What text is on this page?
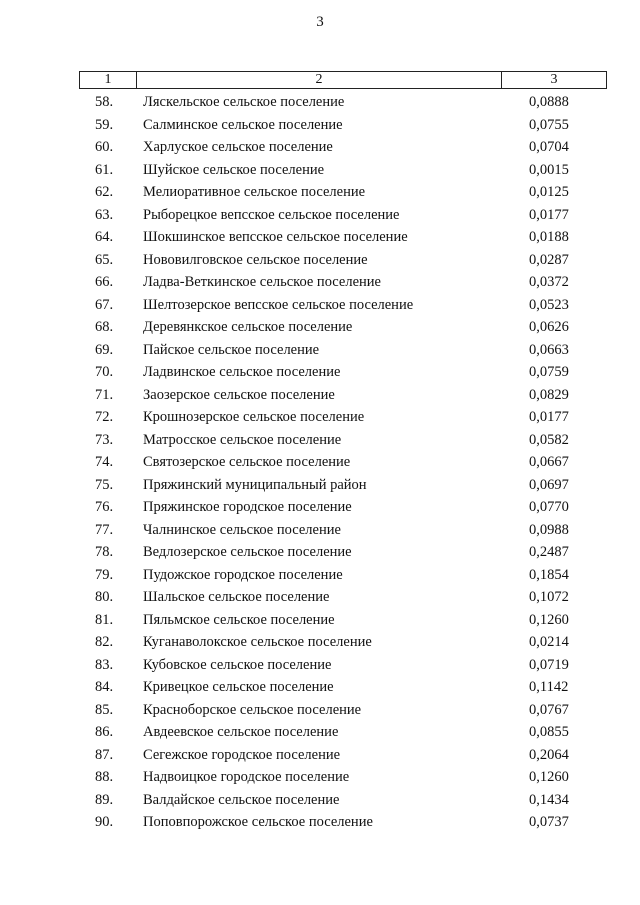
3
1	2	3
58.	Ляскельское сельское поселение	0,0888
59.	Салминское сельское поселение	0,0755
60.	Харлуское сельское поселение	0,0704
61.	Шуйское сельское поселение	0,0015
62.	Мелиоративное сельское поселение	0,0125
63.	Рыборецкое вепсское сельское поселение	0,0177
64.	Шокшинское вепсское сельское поселение	0,0188
65.	Нововилговское сельское поселение	0,0287
66.	Ладва-Веткинское сельское поселение	0,0372
67.	Шелтозерское вепсское сельское поселение	0,0523
68.	Деревянкское сельское поселение	0,0626
69.	Пайское сельское поселение	0,0663
70.	Ладвинское сельское поселение	0,0759
71.	Заозерское сельское поселение	0,0829
72.	Крошнозерское сельское поселение	0,0177
73.	Матросское сельское поселение	0,0582
74.	Святозерское сельское поселение	0,0667
75.	Пряжинский муниципальный район	0,0697
76.	Пряжинское городское поселение	0,0770
77.	Чалнинское сельское поселение	0,0988
78.	Ведлозерское сельское поселение	0,2487
79.	Пудожское городское поселение	0,1854
80.	Шальское сельское поселение	0,1072
81.	Пяльмское сельское поселение	0,1260
82.	Куганаволокское сельское поселение	0,0214
83.	Кубовское сельское поселение	0,0719
84.	Кривецкое сельское поселение	0,1142
85.	Красноборское сельское поселение	0,0767
86.	Авдеевское сельское поселение	0,0855
87.	Сегежское городское поселение	0,2064
88.	Надвоицкое городское поселение	0,1260
89.	Валдайское сельское поселение	0,1434
90.	Поповпорожское сельское поселение	0,0737
